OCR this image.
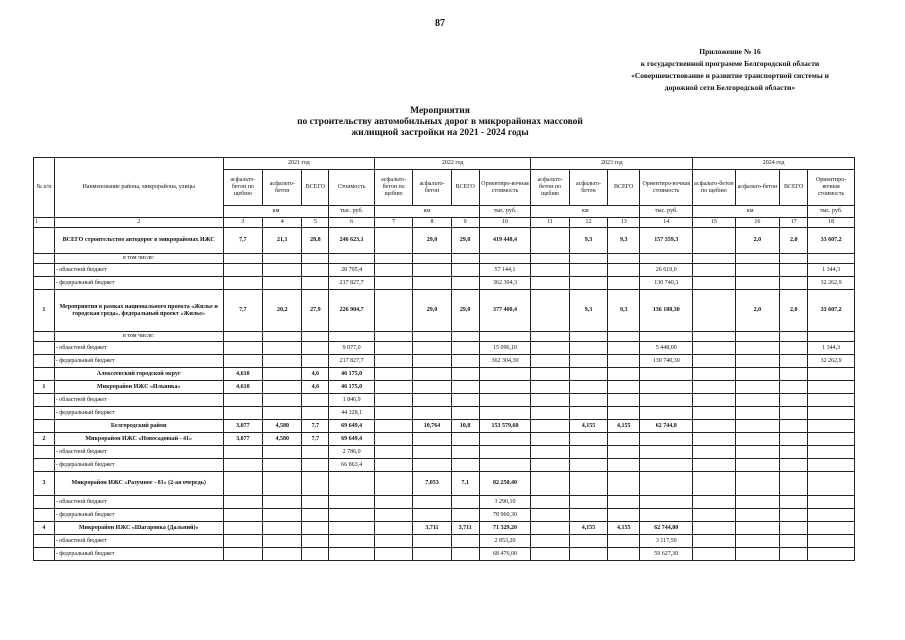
87
Приложение № 16
к государственной программе Белгородской области
«Совершенствование и развитие транспортной системы и
дорожной сети Белгородской области»
Мероприятия
по строительству автомобильных дорог в микрорайонах массовой
жилищной застройки на 2021 - 2024 годы
№ п/п	Наименование района, микрорайона, улицы	2021 год				2022 год				2023 год				2024 год			
		асфальто-бетон по щебню	асфальто-бетон	ВСЕГО	Стоимость	асфальто-бетон по щебню	асфальто-бетон	ВСЕГО	Ориентиро-вочная стоимость	асфальто-бетон по щебню	асфальто-бетон	ВСЕГО	Ориентиро-вочная стоимость	асфальто-бетон по щебню	асфальто-бетон	ВСЕГО	Ориентиро-вочная стоимость
		км			тыс. руб.	км			тыс. руб.	км			тыс. руб.	км			тыс. руб.
1	2	3	4	5	6	7	8	9	10	11	12	13	14	15	16	17	18
	ВСЕГО строительство автодорог в микрорайонах ИЖС	7,7	21,1	28,8	246 623,1		29,0	29,0	419 448,4		9,3	9,3	157 359,3		2,0	2,0	33 607,2
	в том числе:																
	- областной бюджет				28 795,4				57 144,1				26 619,0				1 344,3
	- федеральный бюджет				217 827,7				362 304,3				130 740,3				32 262,9
1	Мероприятия в рамках национального проекта «Жилье и городская среда», федеральный проект «Жилье»	7,7	20,2	27,9	226 904,7		29,0	29,0	377 400,4		9,3	9,3	136 188,30		2,0	2,0	33 607,2
	в том числе:																
	- областной бюджет				9 077,0				15 096,10				5 448,00				1 344,3
	- федеральный бюджет				217 827,7				362 304,30				130 740,30				32 262,9
	Алексеевский городской округ	4,610		4,6	46 175,0												
1	Микрорайон ИЖС «Ильинка»	4,610		4,6	46 175,0												
	- областной бюджет				1 846,9												
	- федеральный бюджет				44 328,1												
	Белгородский район	3,077	4,580	7,7	69 649,4		10,764	10,8	153 579,60		4,155	4,155	62 744,8				
2	Микрорайон ИЖС «Новосадовый - 41»	3,077	4,580	7,7	69 649,4												
	- областной бюджет				2 786,0												
	- федеральный бюджет				66 863,4												
3	Микрорайон ИЖС «Разумное - 81» (2-ая очередь)						7,053	7,1	82 250,40								
	- областной бюджет								3 290,10								
	- федеральный бюджет								78 960,30								
4	Микрорайон ИЖС «Шагаровка (Дальний)»						3,711	3,711	71 329,20		4,155	4,155	62 744,80				
	- областной бюджет								2 853,20				3 117,50				
	- федеральный бюджет								68 476,00				59 627,30				
